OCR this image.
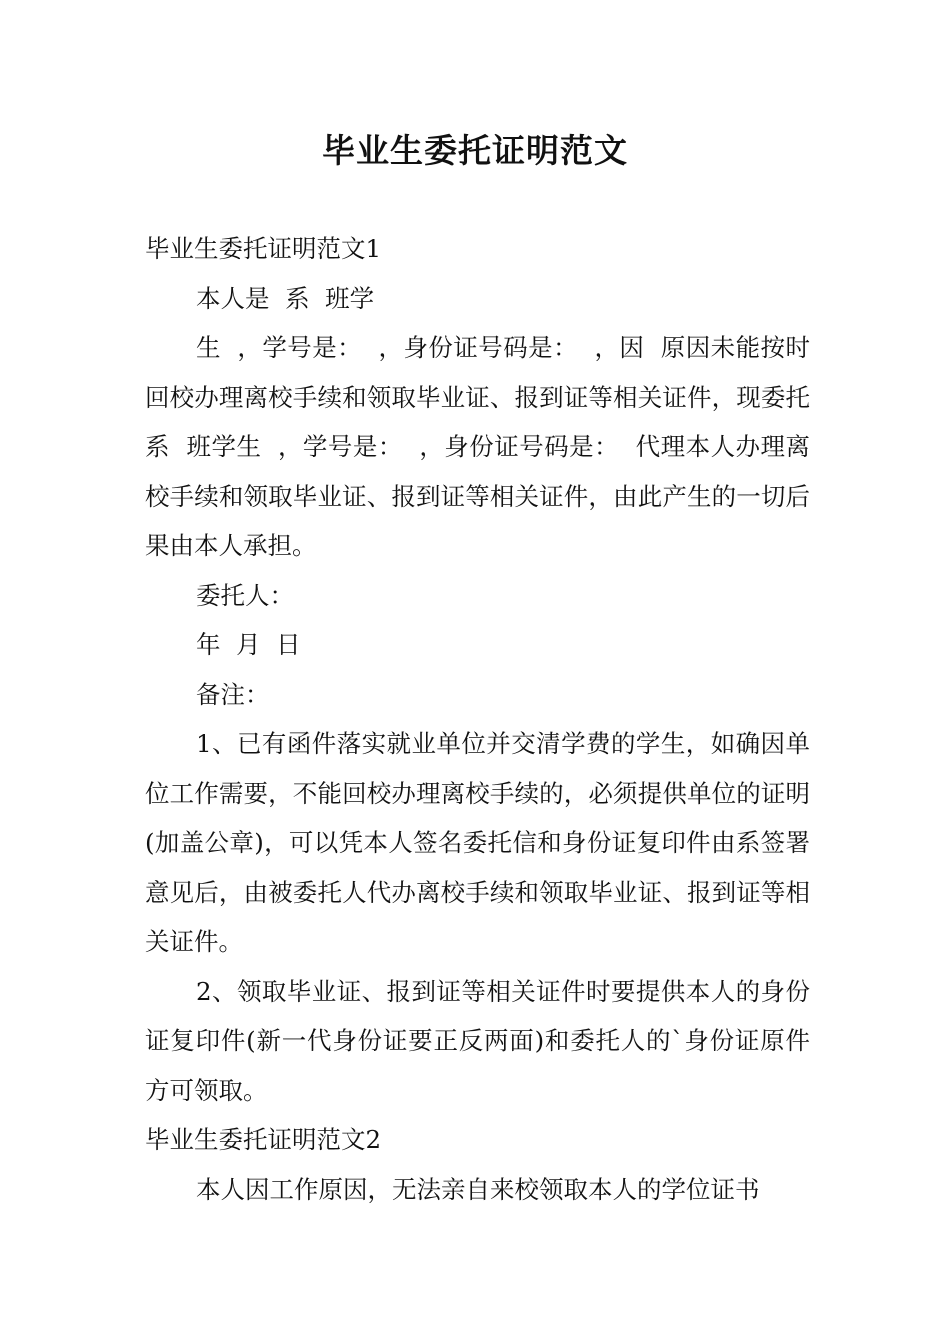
毕业生委托证明范文
毕业生委托证明范文1

本人是  系  班学

生  ，学号是：  ，身份证号码是：  ，因  原因未能按时回校办理离校手续和领取毕业证、报到证等相关证件，现委托  系  班学生  ，学号是：  ，身份证号码是：  代理本人办理离校手续和领取毕业证、报到证等相关证件，由此产生的一切后果由本人承担。

委托人：

年  月  日

备注：

1、已有函件落实就业单位并交清学费的学生，如确因单位工作需要，不能回校办理离校手续的，必须提供单位的证明(加盖公章)，可以凭本人签名委托信和身份证复印件由系签署意见后，由被委托人代办离校手续和领取毕业证、报到证等相关证件。

2、领取毕业证、报到证等相关证件时要提供本人的身份证复印件(新一代身份证要正反两面)和委托人的`身份证原件方可领取。

毕业生委托证明范文2

本人因工作原因，无法亲自来校领取本人的学位证书
